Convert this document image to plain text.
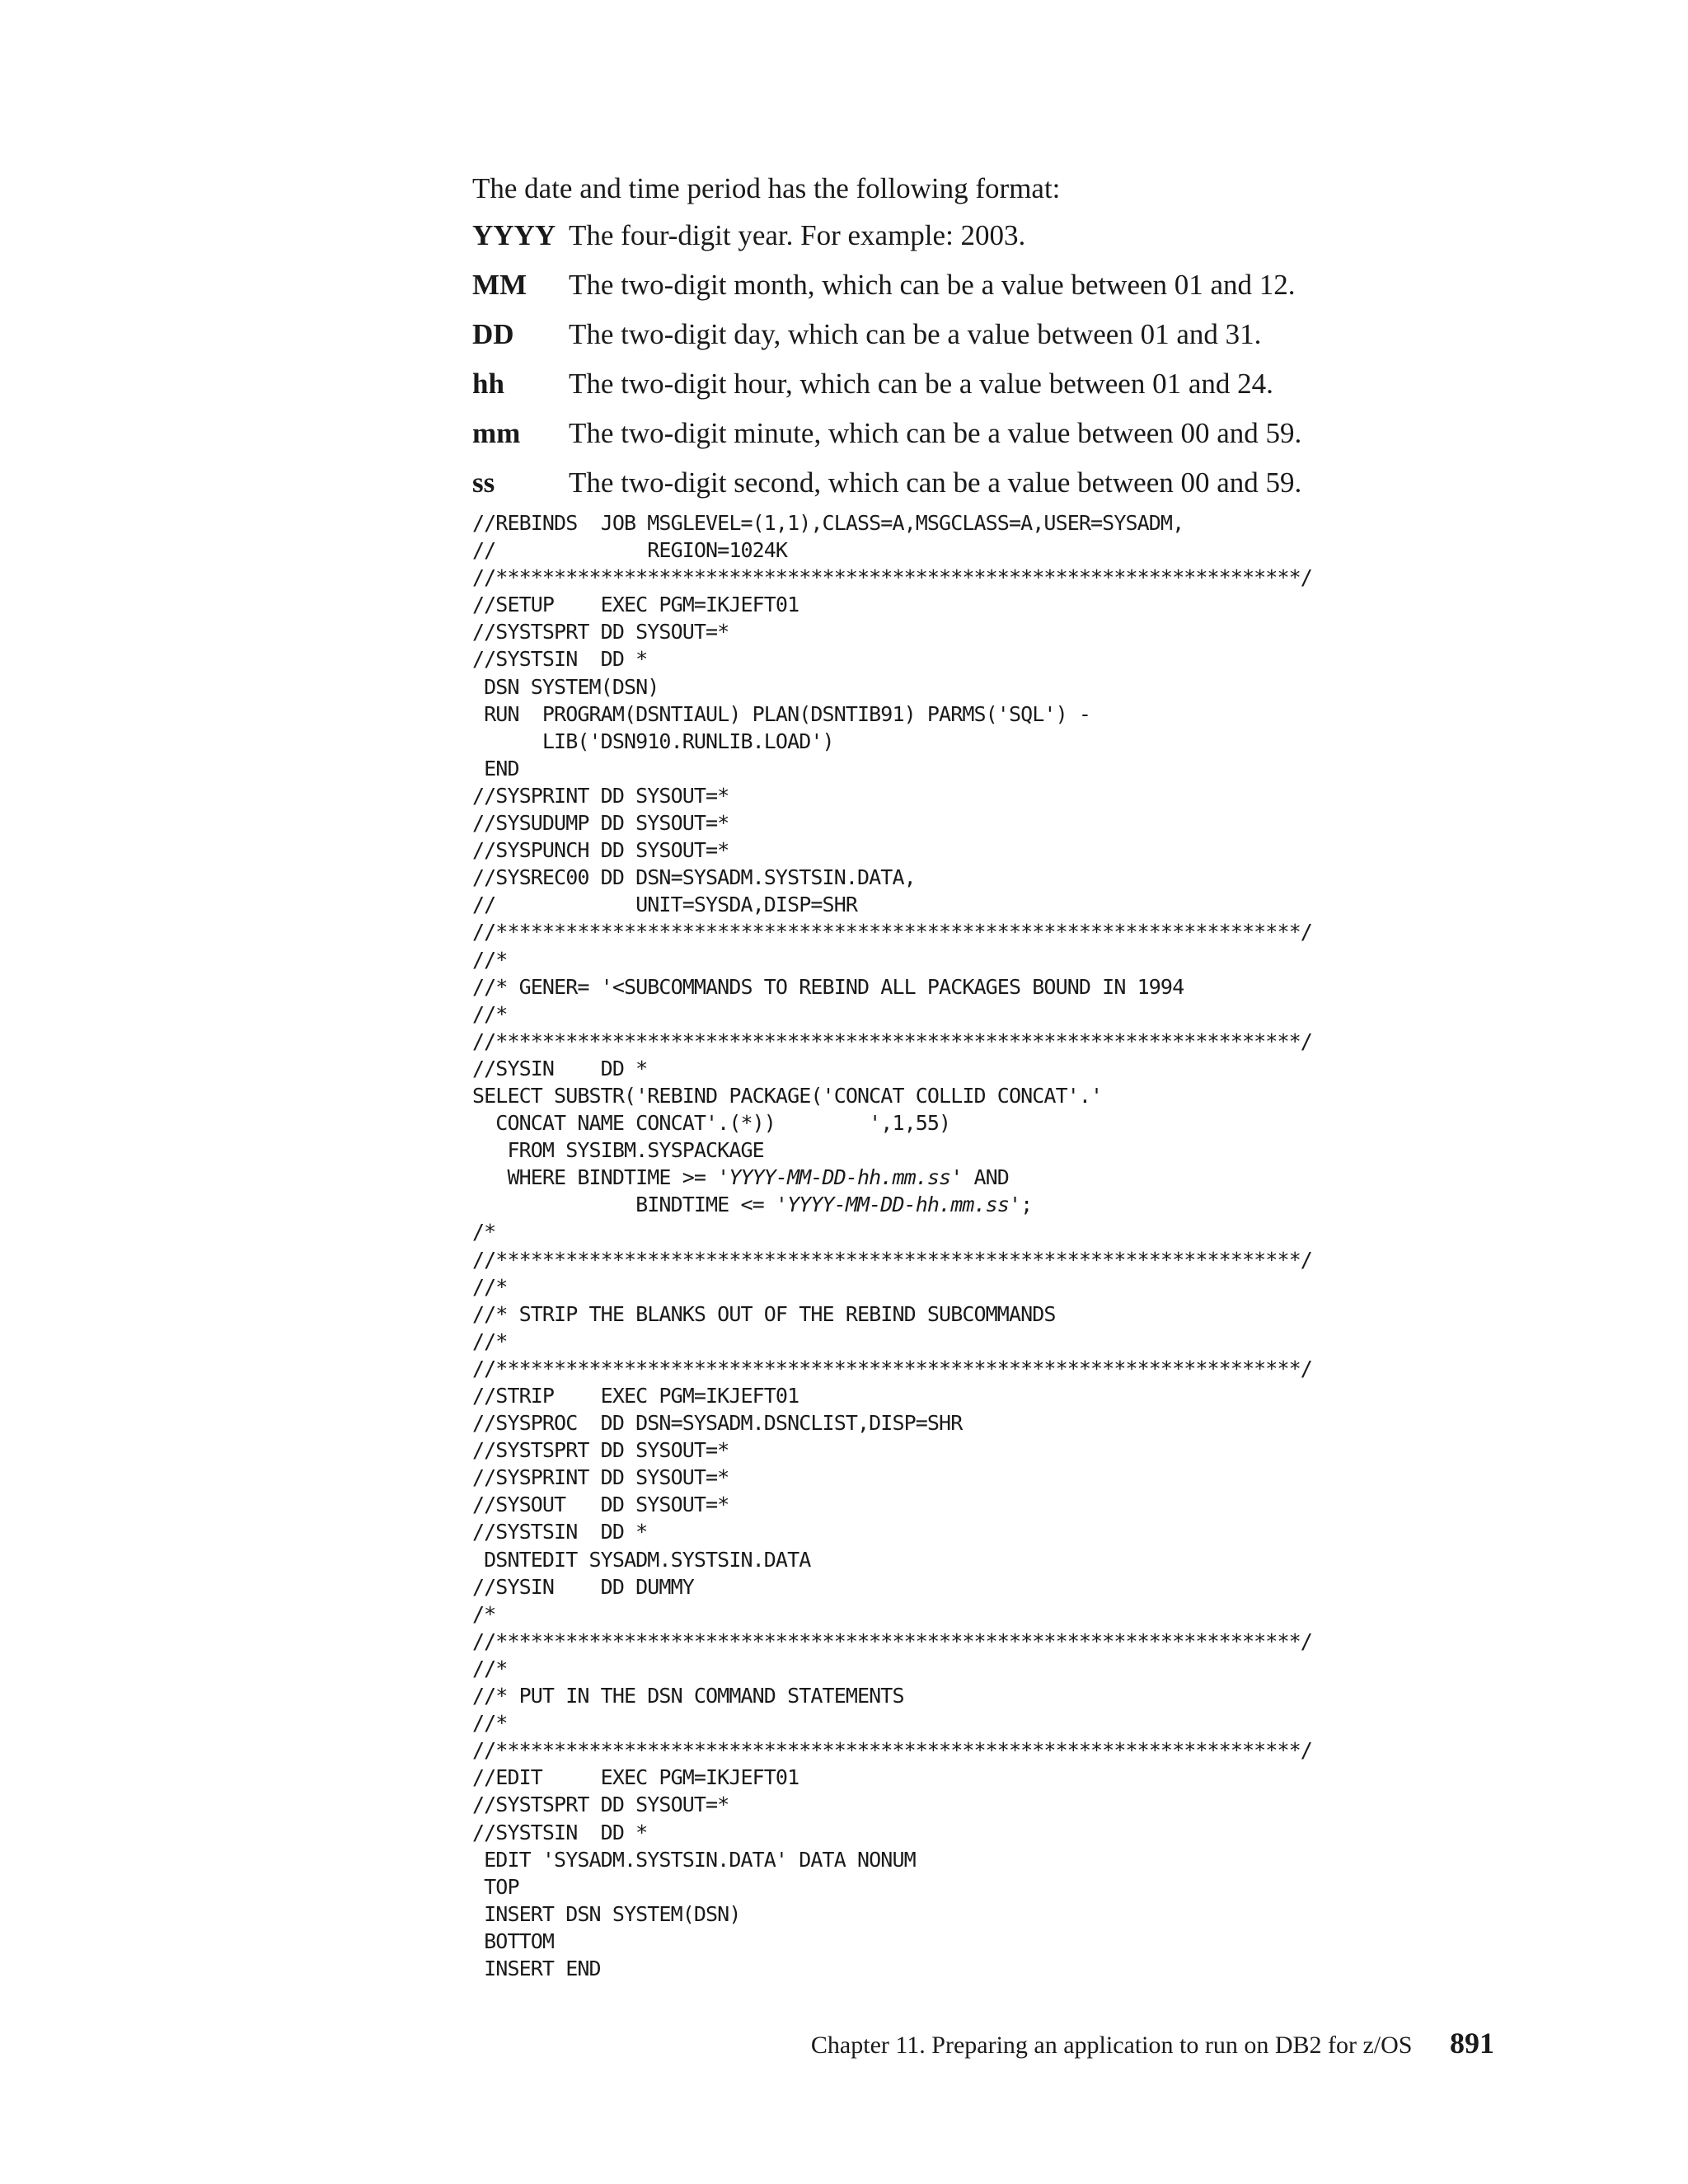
The date and time period has the following format:

YYYY The four-digit year. For example: 2003.
MM The two-digit month, which can be a value between 01 and 12.
DD The two-digit day, which can be a value between 01 and 31.
hh The two-digit hour, which can be a value between 01 and 24.
mm The two-digit minute, which can be a value between 00 and 59.
ss	The two-digit second, which can be a value between 00 and 59.
//REBINDS  JOB MSGLEVEL=(1,1),CLASS=A,MSGCLASS=A,USER=SYSADM,
//             REGION=1024K
//*********************************************************************/
//SETUP    EXEC PGM=IKJEFT01
//SYSTSPRT DD SYSOUT=*
//SYSTSIN  DD *
DSN SYSTEM(DSN)
RUN  PROGRAM(DSNTIAUL) PLAN(DSNTIB91) PARMS('SQL') -
LIB('DSN910.RUNLIB.LOAD')
END
//SYSPRINT DD SYSOUT=*
//SYSUDUMP DD SYSOUT=*
//SYSPUNCH DD SYSOUT=*
//SYSREC00 DD DSN=SYSADM.SYSTSIN.DATA,
//            UNIT=SYSDA,DISP=SHR
//*********************************************************************/
//*
//* GENER= '<SUBCOMMANDS TO REBIND ALL PACKAGES BOUND IN 1994
//*
//*********************************************************************/
//SYSIN    DD *
SELECT SUBSTR('REBIND PACKAGE('CONCAT COLLID CONCAT'.'
CONCAT NAME CONCAT'.(*))        ',1,55)
FROM SYSIBM.SYSPACKAGE
WHERE BINDTIME >= 'YYYY-MM-DD-hh.mm.ss' AND
BINDTIME <= 'YYYY-MM-DD-hh.mm.ss';
/*
//*********************************************************************/
//*
//* STRIP THE BLANKS OUT OF THE REBIND SUBCOMMANDS
//*
//*********************************************************************/
//STRIP    EXEC PGM=IKJEFT01
//SYSPROC  DD DSN=SYSADM.DSNCLIST,DISP=SHR
//SYSTSPRT DD SYSOUT=*
//SYSPRINT DD SYSOUT=*
//SYSOUT   DD SYSOUT=*
//SYSTSIN  DD *
DSNTEDIT SYSADM.SYSTSIN.DATA
//SYSIN    DD DUMMY
/*
//*********************************************************************/
//*
//* PUT IN THE DSN COMMAND STATEMENTS
//*
//*********************************************************************/
//EDIT     EXEC PGM=IKJEFT01
//SYSTSPRT DD SYSOUT=*
//SYSTSIN  DD *
EDIT 'SYSADM.SYSTSIN.DATA' DATA NONUM
TOP
INSERT DSN SYSTEM(DSN)
BOTTOM
INSERT END
Chapter 11. Preparing an application to run on DB2 for z/OS 891
